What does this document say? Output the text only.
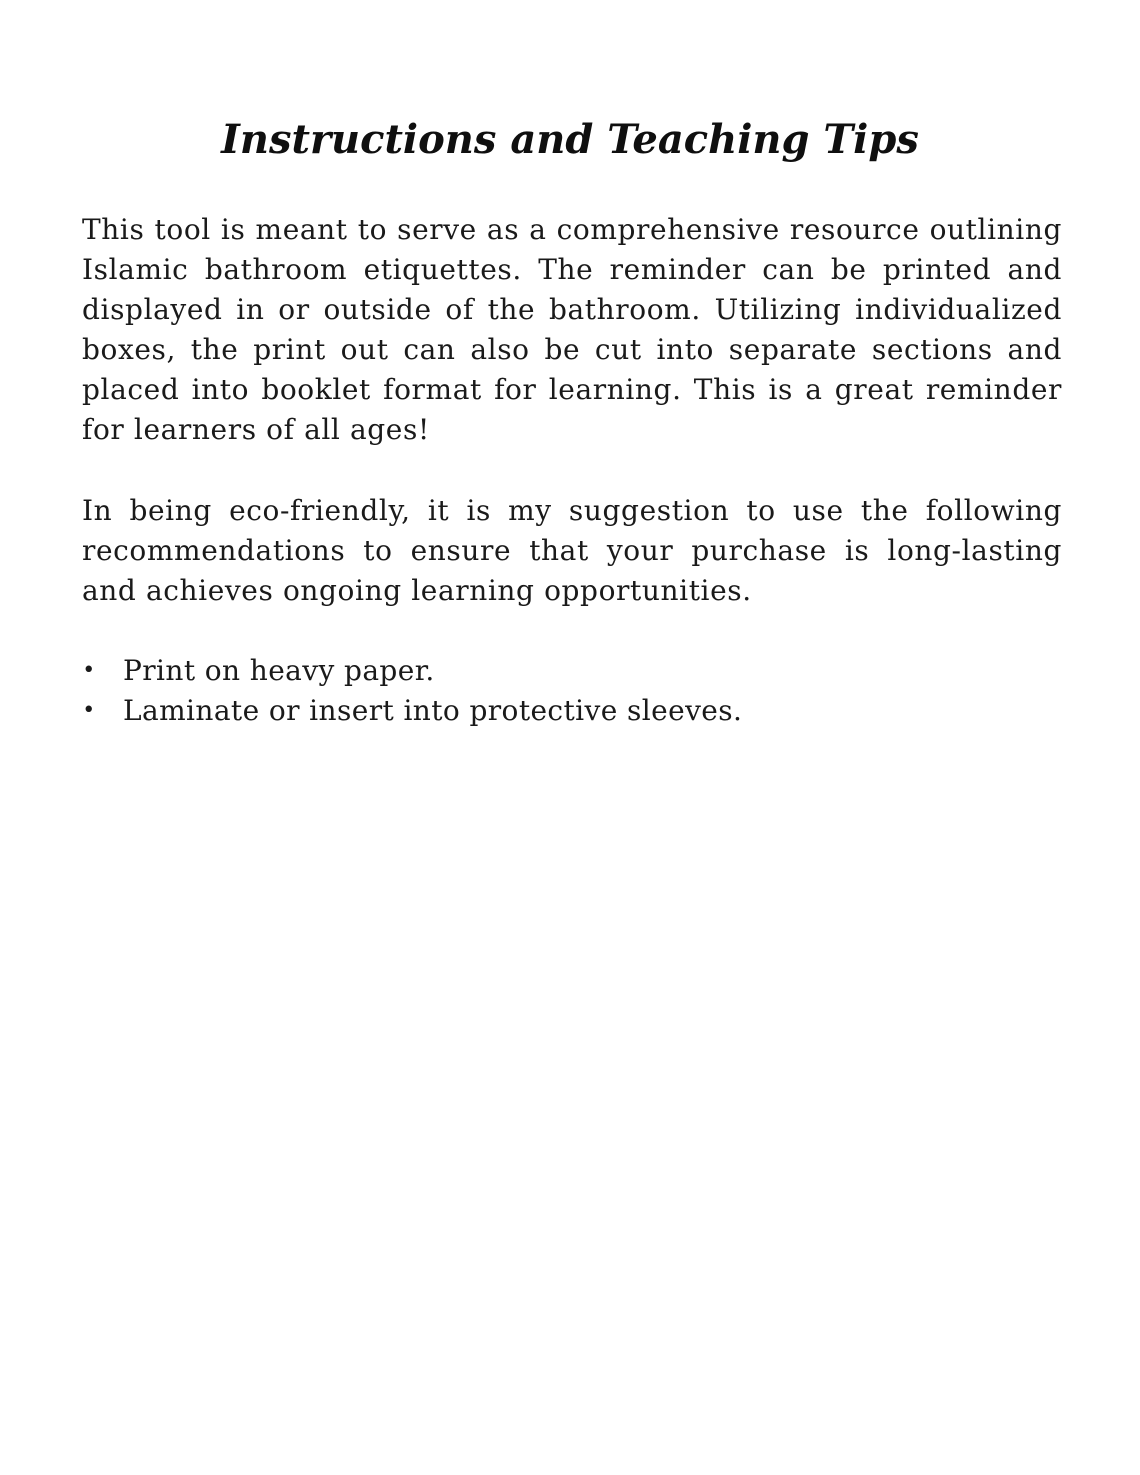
Instructions and Teaching Tips

This tool is meant to serve as a comprehensive resource outlining Islamic bathroom etiquettes. The reminder can be printed and displayed in or outside of the bathroom. Utilizing individualized boxes, the print out can also be cut into separate sections and placed into booklet format for learning. This is a great reminder for learners of all ages!

In being eco-friendly, it is my suggestion to use the following recommendations to ensure that your purchase is long-lasting and achieves ongoing learning opportunities.

• Print on heavy paper.
• Laminate or insert into protective sleeves.
